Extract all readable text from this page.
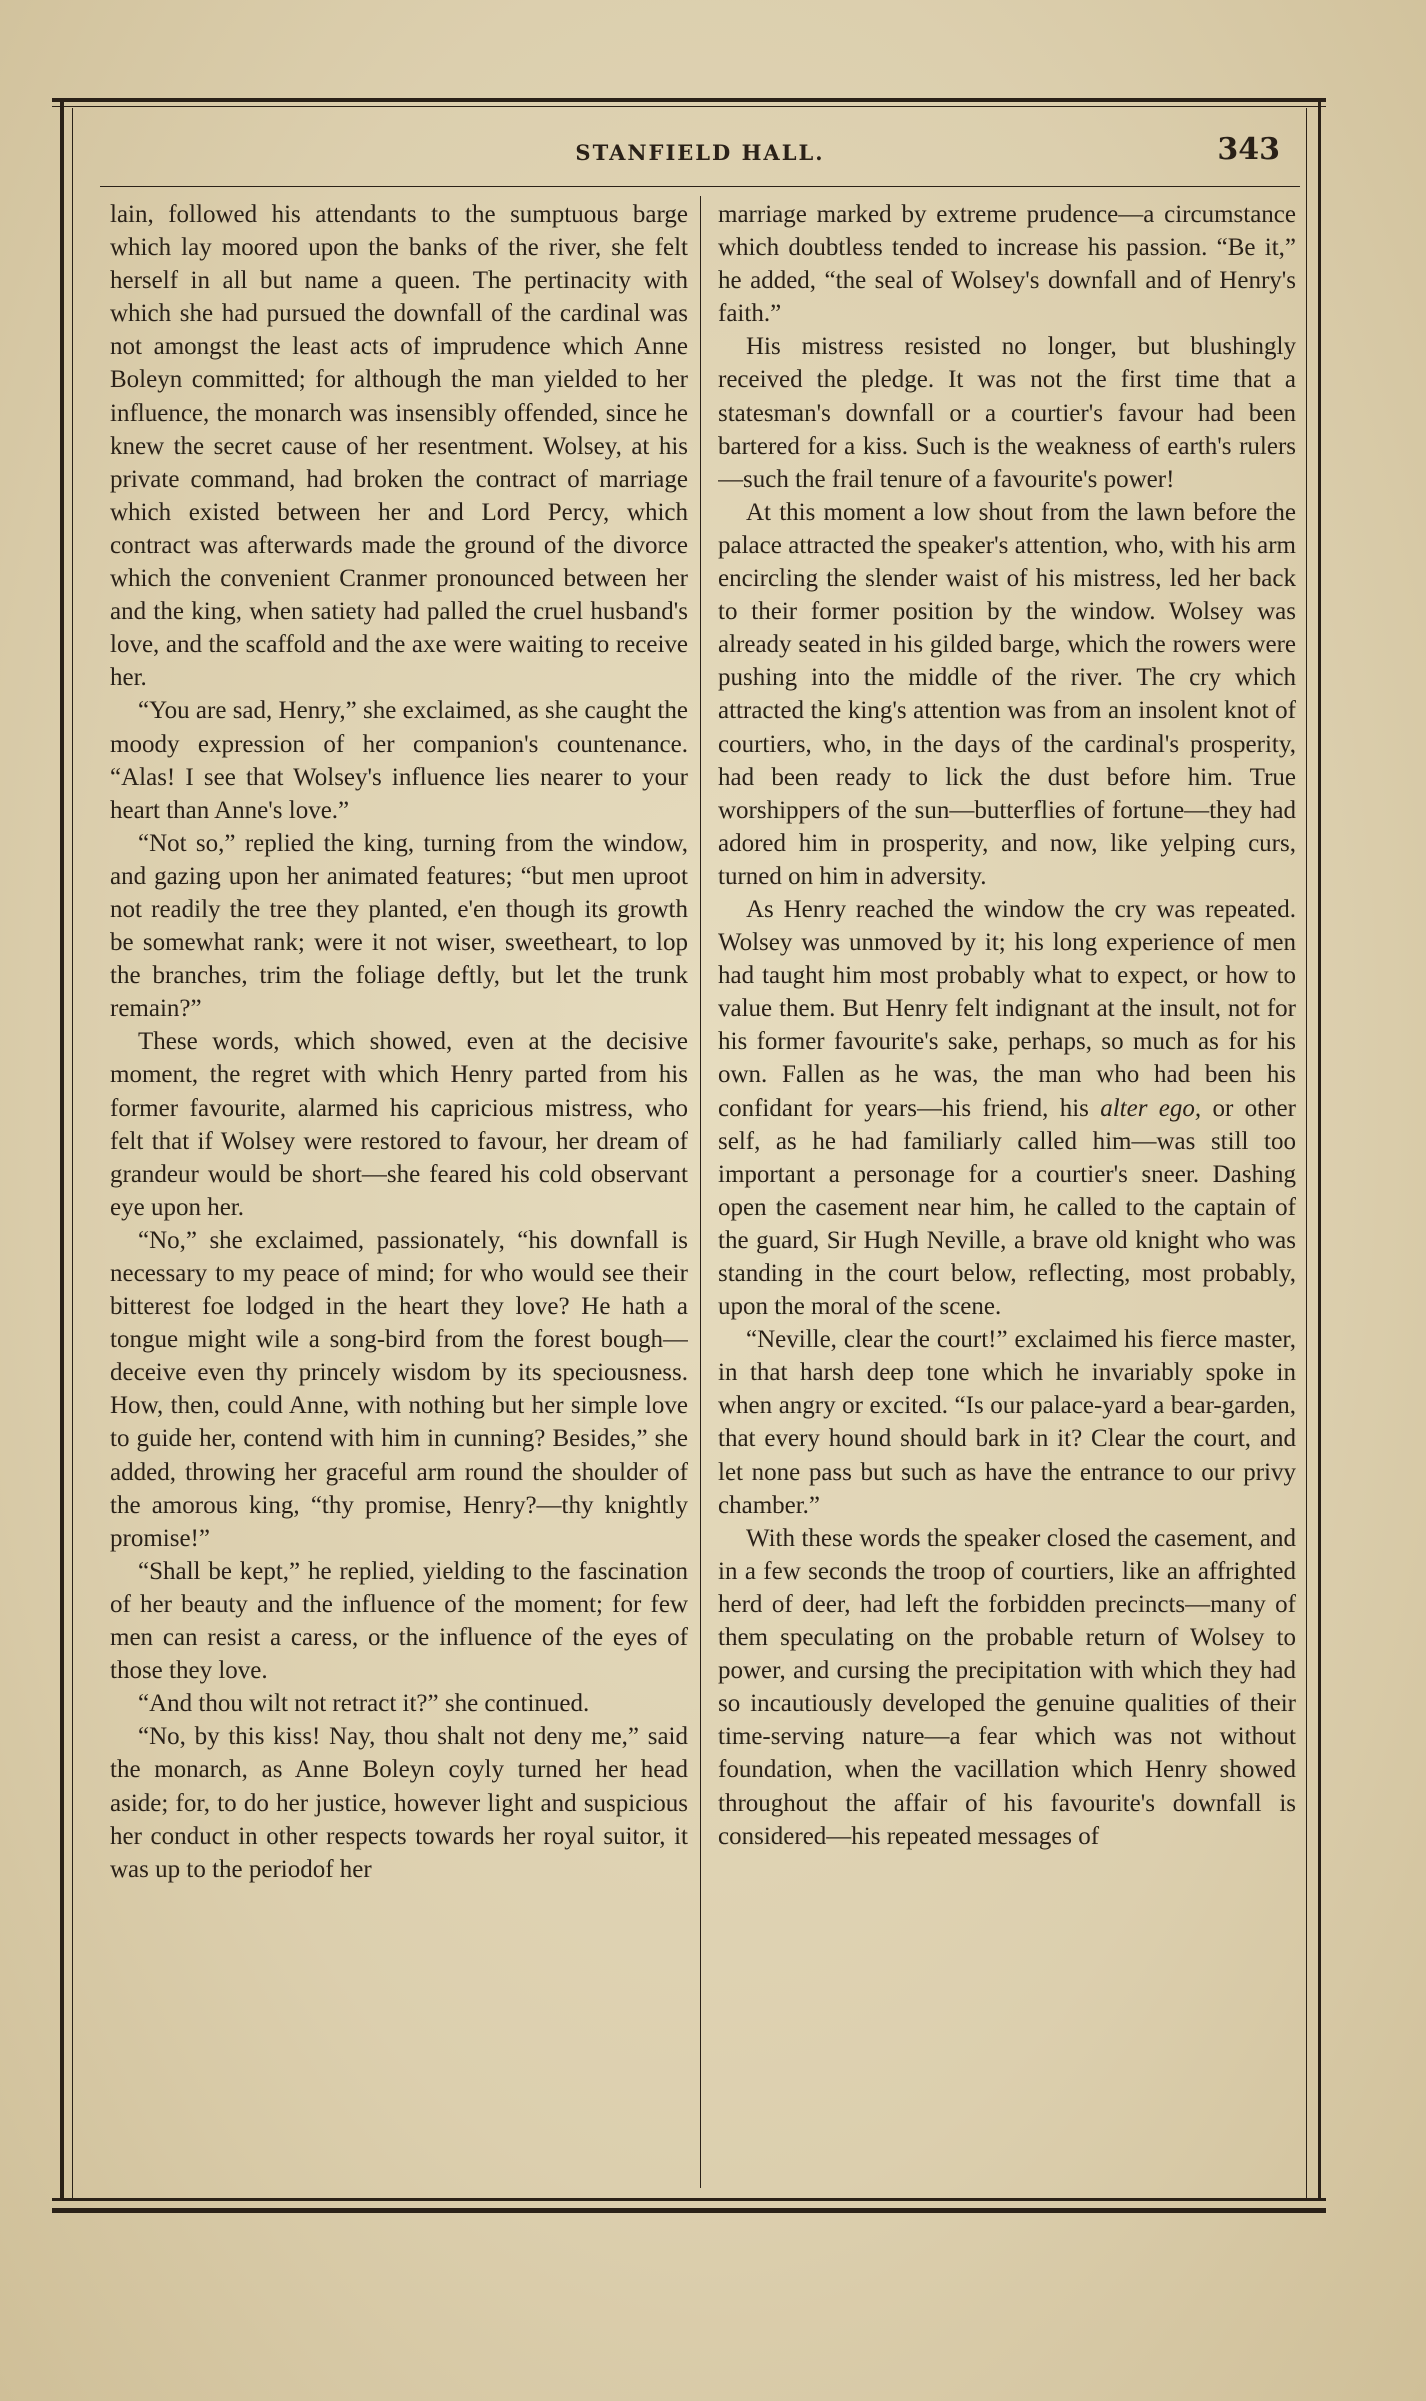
STANFIELD HALL.	343

lain, followed his attendants to the sumptuous barge which lay moored upon the banks of the river, she felt herself in all but name a queen. The pertinacity with which she had pursued the downfall of the cardinal was not amongst the least acts of imprudence which Anne Boleyn committed; for although the man yielded to her influence, the monarch was insensibly offended, since he knew the secret cause of her resentment. Wolsey, at his private command, had broken the contract of marriage which existed between her and Lord Percy, which contract was afterwards made the ground of the divorce which the convenient Cranmer pronounced between her and the king, when satiety had palled the cruel husband's love, and the scaffold and the axe were waiting to receive her.

“You are sad, Henry,” she exclaimed, as she caught the moody expression of her companion's countenance. “Alas! I see that Wolsey's influence lies nearer to your heart than Anne's love.”

“Not so,” replied the king, turning from the window, and gazing upon her animated features; “but men uproot not readily the tree they planted, e'en though its growth be somewhat rank; were it not wiser, sweetheart, to lop the branches, trim the foliage deftly, but let the trunk remain?”

These words, which showed, even at the decisive moment, the regret with which Henry parted from his former favourite, alarmed his capricious mistress, who felt that if Wolsey were restored to favour, her dream of grandeur would be short—she feared his cold observant eye upon her.

“No,” she exclaimed, passionately, “his downfall is necessary to my peace of mind; for who would see their bitterest foe lodged in the heart they love? He hath a tongue might wile a song-bird from the forest bough—deceive even thy princely wisdom by its speciousness. How, then, could Anne, with nothing but her simple love to guide her, contend with him in cunning? Besides,” she added, throwing her graceful arm round the shoulder of the amorous king, “thy promise, Henry?—thy knightly promise!”

“Shall be kept,” he replied, yielding to the fascination of her beauty and the influence of the moment; for few men can resist a caress, or the influence of the eyes of those they love.

“And thou wilt not retract it?” she continued.

“No, by this kiss! Nay, thou shalt not deny me,” said the monarch, as Anne Boleyn coyly turned her head aside; for, to do her justice, however light and suspicious her conduct in other respects towards her royal suitor, it was up to the periodof her

marriage marked by extreme prudence—a circumstance which doubtless tended to increase his passion. “Be it,” he added, “the seal of Wolsey's downfall and of Henry's faith.”

His mistress resisted no longer, but blushingly received the pledge. It was not the first time that a statesman's downfall or a courtier's favour had been bartered for a kiss. Such is the weakness of earth's rulers—such the frail tenure of a favourite's power!

At this moment a low shout from the lawn before the palace attracted the speaker's attention, who, with his arm encircling the slender waist of his mistress, led her back to their former position by the window. Wolsey was already seated in his gilded barge, which the rowers were pushing into the middle of the river. The cry which attracted the king's attention was from an insolent knot of courtiers, who, in the days of the cardinal's prosperity, had been ready to lick the dust before him. True worshippers of the sun—butterflies of fortune—they had adored him in prosperity, and now, like yelping curs, turned on him in adversity.

As Henry reached the window the cry was repeated. Wolsey was unmoved by it; his long experience of men had taught him most probably what to expect, or how to value them. But Henry felt indignant at the insult, not for his former favourite's sake, perhaps, so much as for his own. Fallen as he was, the man who had been his confidant for years—his friend, his alter ego, or other self, as he had familiarly called him—was still too important a personage for a courtier's sneer. Dashing open the casement near him, he called to the captain of the guard, Sir Hugh Neville, a brave old knight who was standing in the court below, reflecting, most probably, upon the moral of the scene.

“Neville, clear the court!” exclaimed his fierce master, in that harsh deep tone which he invariably spoke in when angry or excited. “Is our palace-yard a bear-garden, that every hound should bark in it? Clear the court, and let none pass but such as have the entrance to our privy chamber.”

With these words the speaker closed the casement, and in a few seconds the troop of courtiers, like an affrighted herd of deer, had left the forbidden precincts—many of them speculating on the probable return of Wolsey to power, and cursing the precipitation with which they had so incautiously developed the genuine qualities of their time-serving nature—a fear which was not without foundation, when the vacillation which Henry showed throughout the affair of his favourite's downfall is considered—his repeated messages of
